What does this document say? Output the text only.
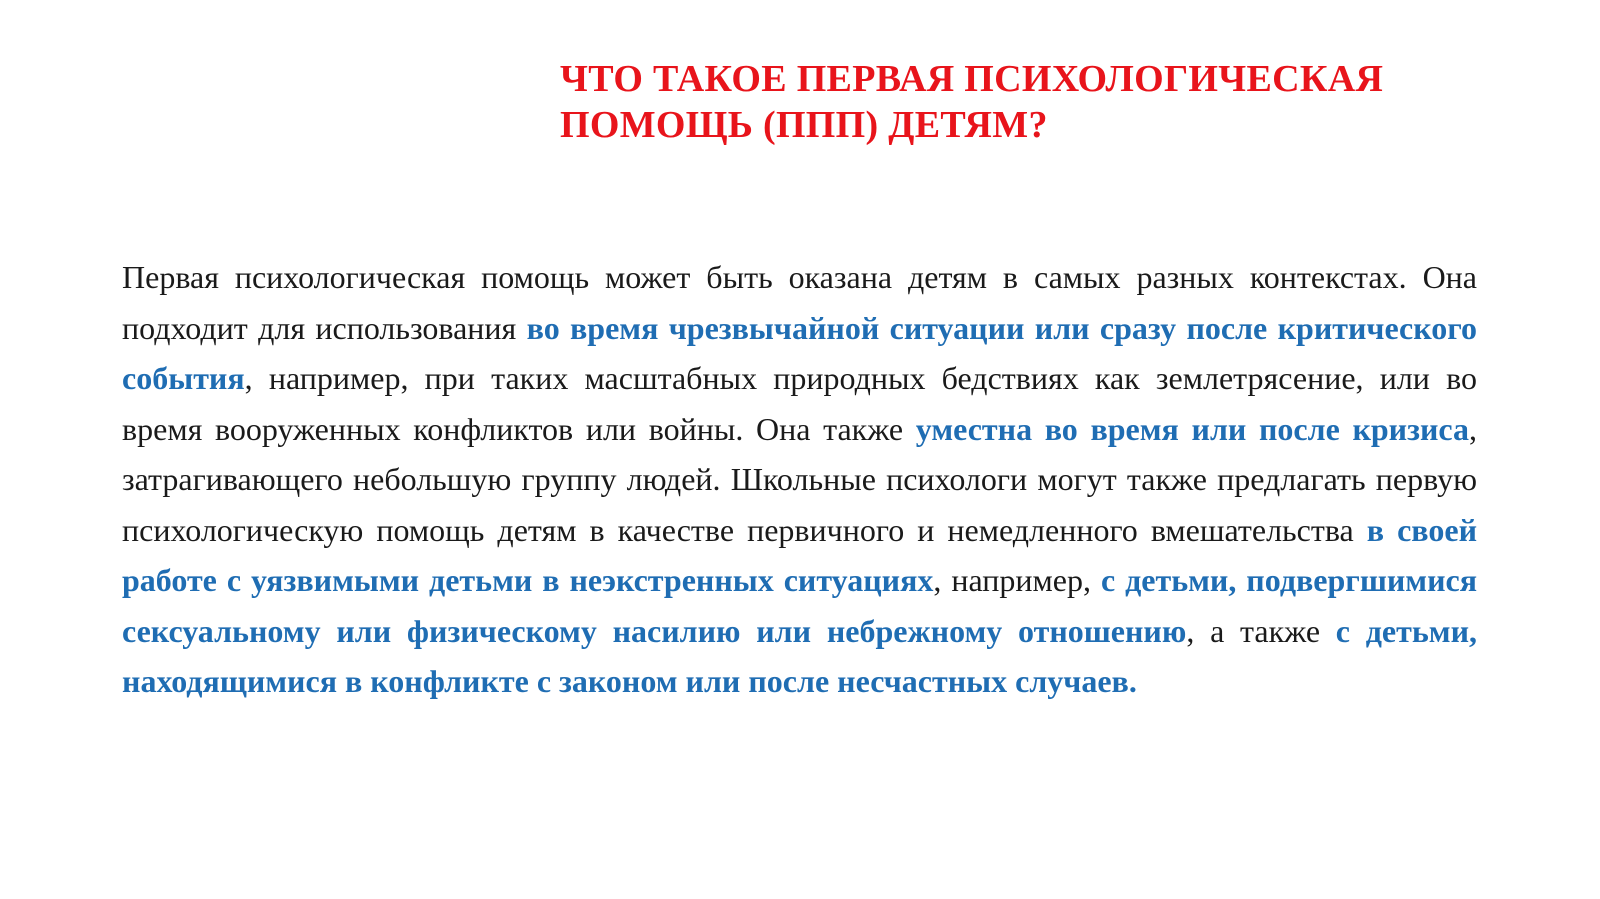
ЧТО ТАКОЕ ПЕРВАЯ ПСИХОЛОГИЧЕСКАЯ
ПОМОЩЬ (ППП) ДЕТЯМ?

Первая психологическая помощь может быть оказана детям в самых разных контекстах. Она подходит для использования во время чрезвычайной ситуации или сразу после критического события, например, при таких масштабных природных бедствиях как землетрясение, или во время вооруженных конфликтов или войны. Она также уместна во время или после кризиса, затрагивающего небольшую группу людей. Школьные психологи могут также предлагать первую психологическую помощь детям в качестве первичного и немедленного вмешательства в своей работе с уязвимыми детьми в неэкстренных ситуациях, например, с детьми, подвергшимися сексуальному или физическому насилию или небрежному отношению, а также с детьми, находящимися в конфликте с законом или после несчастных случаев.
